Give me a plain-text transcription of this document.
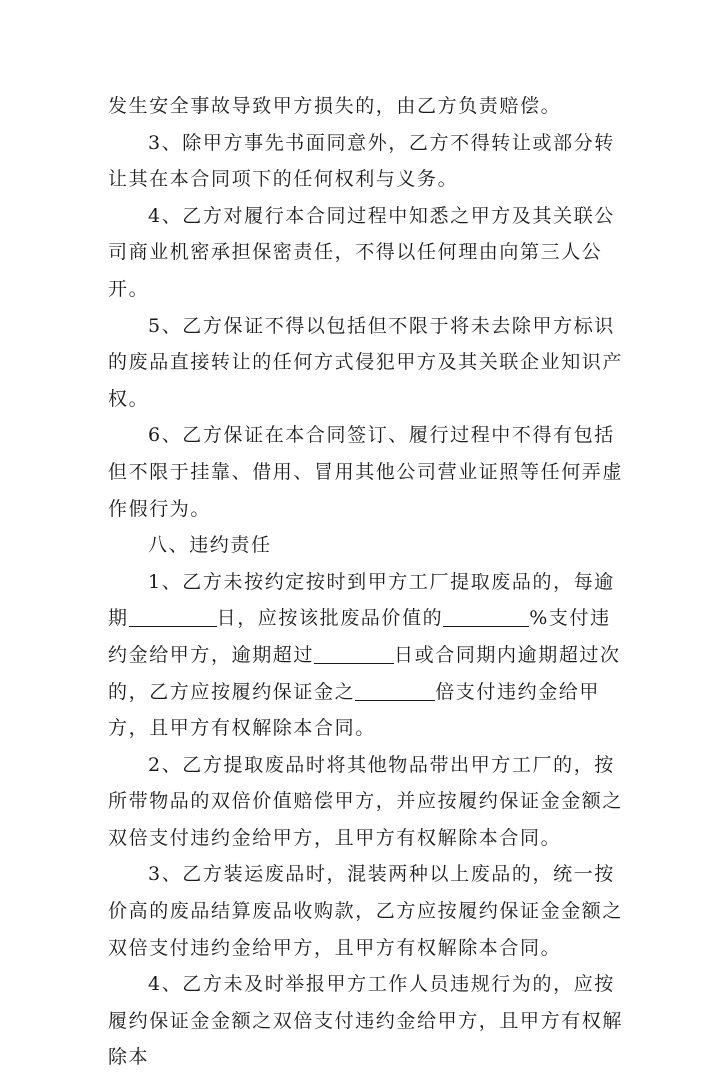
发生安全事故导致甲方损失的，由乙方负责赔偿。

3、除甲方事先书面同意外，乙方不得转让或部分转让其在本合同项下的任何权利与义务。

4、乙方对履行本合同过程中知悉之甲方及其关联公司商业机密承担保密责任，不得以任何理由向第三人公开。

5、乙方保证不得以包括但不限于将未去除甲方标识的废品直接转让的任何方式侵犯甲方及其关联企业知识产权。

6、乙方保证在本合同签订、履行过程中不得有包括但不限于挂靠、借用、冒用其他公司营业证照等任何弄虚作假行为。

八、违约责任

1、乙方未按约定按时到甲方工厂提取废品的，每逾期	日，应按该批废品价值的	%支付违约金给甲方，逾期超过	日或合同期内逾期超过次的，乙方应按履约保证金之	倍支付违约金给甲方，且甲方有权解除本合同。

2、乙方提取废品时将其他物品带出甲方工厂的，按所带物品的双倍价值赔偿甲方，并应按履约保证金金额之双倍支付违约金给甲方，且甲方有权解除本合同。

3、乙方装运废品时，混装两种以上废品的，统一按价高的废品结算废品收购款，乙方应按履约保证金金额之双倍支付违约金给甲方，且甲方有权解除本合同。

4、乙方未及时举报甲方工作人员违规行为的，应按履约保证金金额之双倍支付违约金给甲方，且甲方有权解除本
